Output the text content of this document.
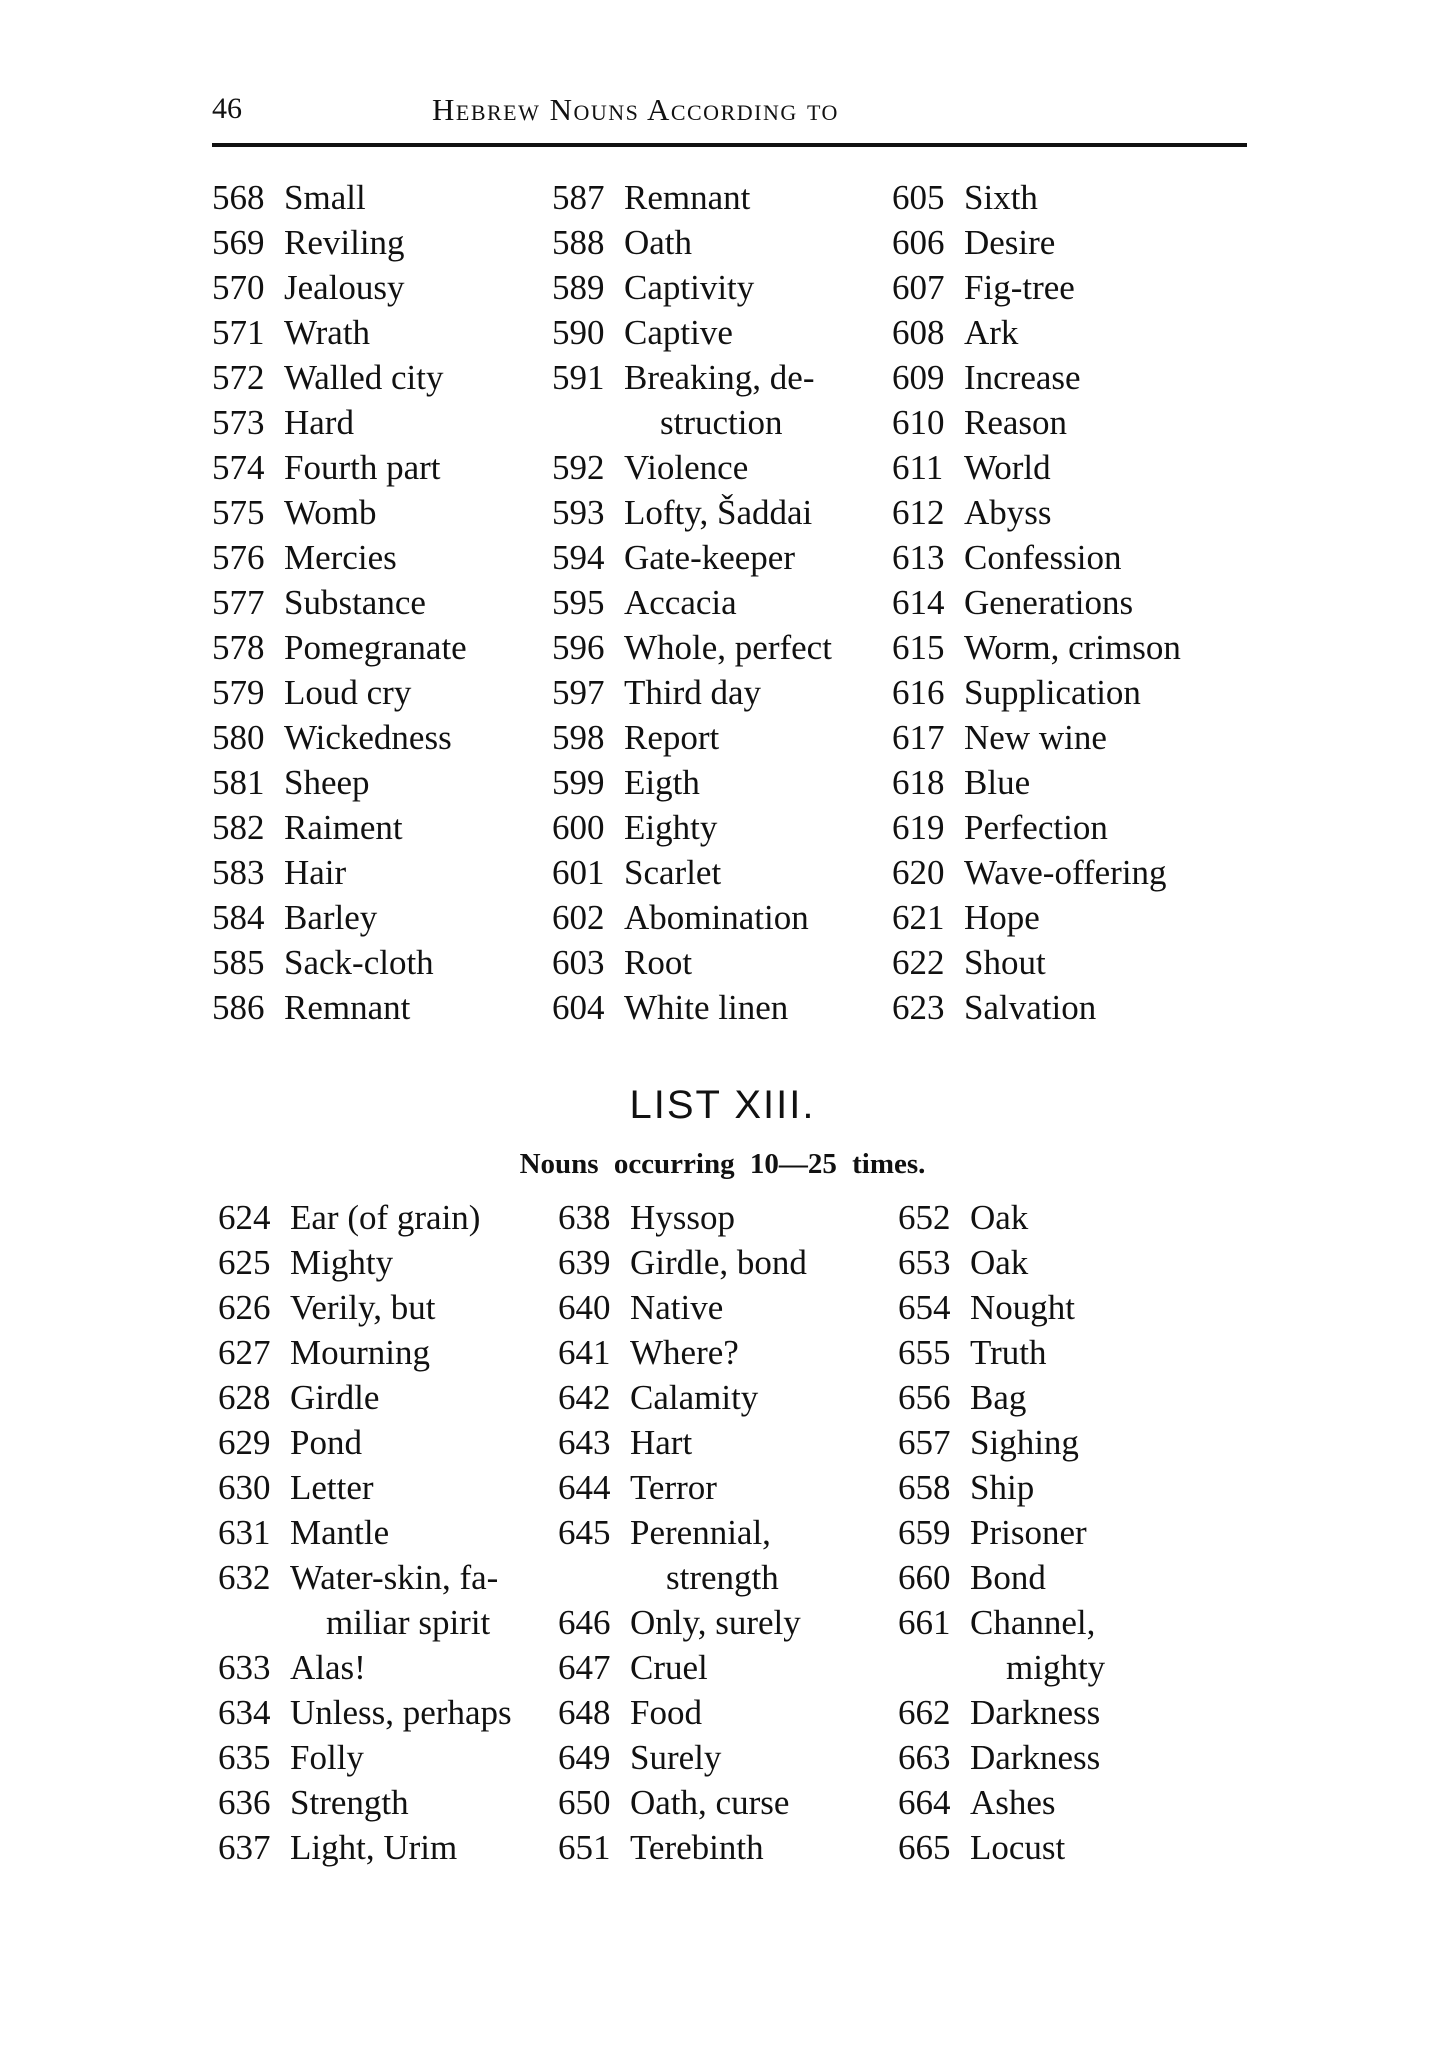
46	Hebrew Nouns According to
568 Small
569 Reviling
570 Jealousy
571 Wrath
572 Walled city
573 Hard
574 Fourth part
575 Womb
576 Mercies
577 Substance
578 Pomegranate
579 Loud cry
580 Wickedness
581 Sheep
582 Raiment
583 Hair
584 Barley
585 Sack-cloth
586 Remnant
587 Remnant
588 Oath
589 Captivity
590 Captive
591 Breaking, de-
struction
592 Violence
593 Lofty, Šaddai
594 Gate-keeper
595 Accacia
596 Whole, perfect
597 Third day
598 Report
599 Eigth
600 Eighty
601 Scarlet
602 Abomination
603 Root
604 White linen
605 Sixth
606 Desire
607 Fig-tree
608 Ark
609 Increase
610 Reason
611 World
612 Abyss
613 Confession
614 Generations
615 Worm, crimson
616 Supplication
617 New wine
618 Blue
619 Perfection
620 Wave-offering
621 Hope
622 Shout
623 Salvation
LIST XIII.
Nouns occurring 10—25 times.
624 Ear (of grain)
625 Mighty
626 Verily, but
627 Mourning
628 Girdle
629 Pond
630 Letter
631 Mantle
632 Water-skin, fa-
miliar spirit
633 Alas!
634 Unless, perhaps
635 Folly
636 Strength
637 Light, Urim
638 Hyssop
639 Girdle, bond
640 Native
641 Where?
642 Calamity
643 Hart
644 Terror
645 Perennial,
strength
646 Only, surely
647 Cruel
648 Food
649 Surely
650 Oath, curse
651 Terebinth
652 Oak
653 Oak
654 Nought
655 Truth
656 Bag
657 Sighing
658 Ship
659 Prisoner
660 Bond
661 Channel,
mighty
662 Darkness
663 Darkness
664 Ashes
665 Locust
